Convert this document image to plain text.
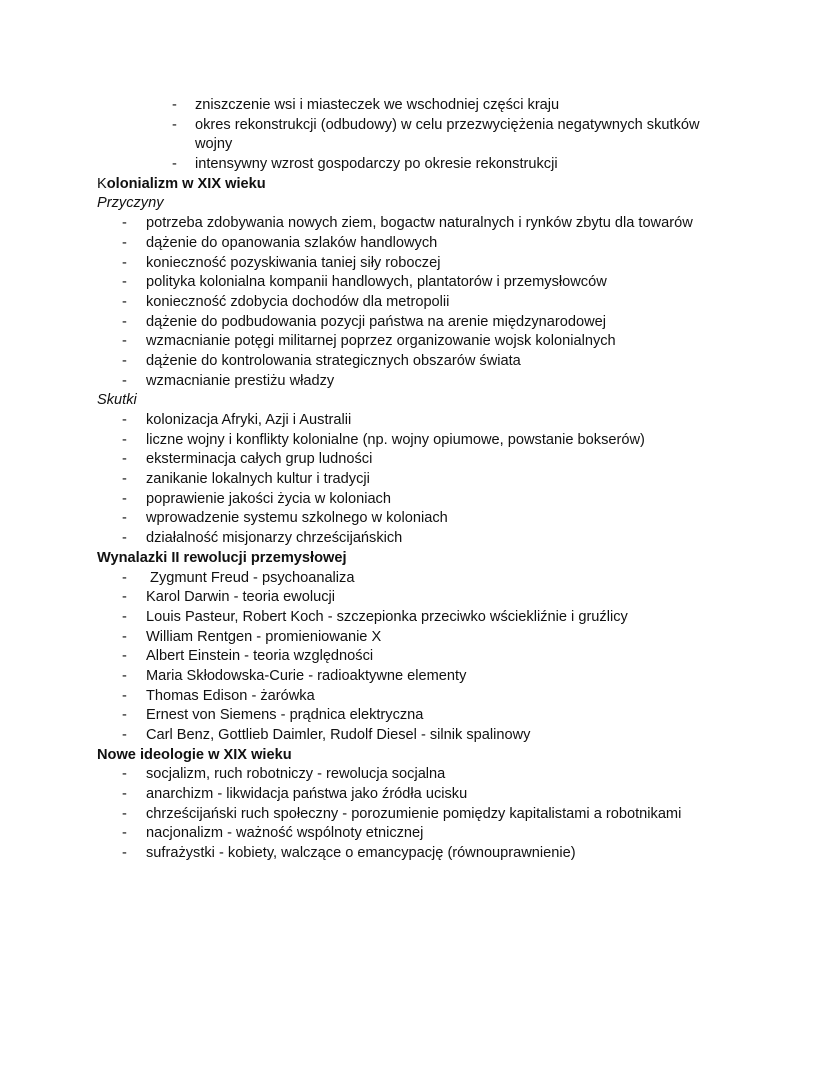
- zniszczenie wsi i miasteczek we wschodniej części kraju
- okres rekonstrukcji (odbudowy) w celu przezwyciężenia negatywnych skutków
wojny
- intensywny wzrost gospodarczy po okresie rekonstrukcji
Kolonializm w XIX wieku
Przyczyny
- potrzeba zdobywania nowych ziem, bogactw naturalnych i rynków zbytu dla towarów
- dążenie do opanowania szlaków handlowych
- konieczność pozyskiwania taniej siły roboczej
- polityka kolonialna kompanii handlowych, plantatorów i przemysłowców
- konieczność zdobycia dochodów dla metropolii
- dążenie do podbudowania pozycji państwa na arenie międzynarodowej
- wzmacnianie potęgi militarnej poprzez organizowanie wojsk kolonialnych
- dążenie do kontrolowania strategicznych obszarów świata
- wzmacnianie prestiżu władzy
Skutki
- kolonizacja Afryki, Azji i Australii
- liczne wojny i konflikty kolonialne (np. wojny opiumowe, powstanie bokserów)
- eksterminacja całych grup ludności
- zanikanie lokalnych kultur i tradycji
- poprawienie jakości życia w koloniach
- wprowadzenie systemu szkolnego w koloniach
- działalność misjonarzy chrześcijańskich
Wynalazki II rewolucji przemysłowej
- Zygmunt Freud - psychoanaliza
- Karol Darwin - teoria ewolucji
- Louis Pasteur, Robert Koch - szczepionka przeciwko wściekliźnie i gruźlicy
- William Rentgen - promieniowanie X
- Albert Einstein - teoria względności
- Maria Skłodowska-Curie - radioaktywne elementy
- Thomas Edison - żarówka
- Ernest von Siemens - prądnica elektryczna
- Carl Benz, Gottlieb Daimler, Rudolf Diesel - silnik spalinowy
Nowe ideologie w XIX wieku
- socjalizm, ruch robotniczy - rewolucja socjalna
- anarchizm - likwidacja państwa jako źródła ucisku
- chrześcijański ruch społeczny - porozumienie pomiędzy kapitalistami a robotnikami
- nacjonalizm - ważność wspólnoty etnicznej
- sufrażystki - kobiety, walczące o emancypację (równouprawnienie)
